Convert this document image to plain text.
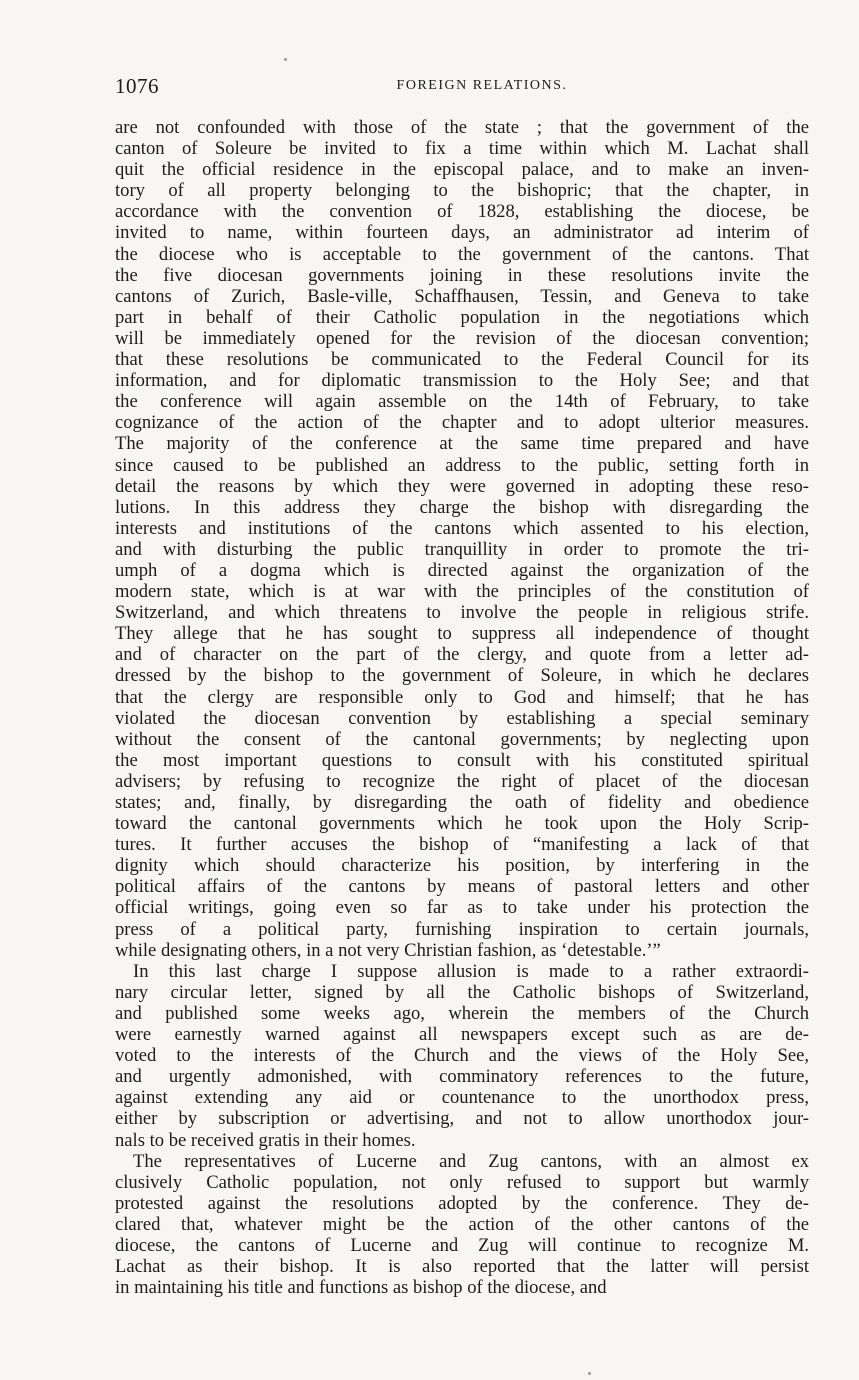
1076	FOREIGN RELATIONS.
are not confounded with those of the state ; that the government of the
canton of Soleure be invited to fix a time within which M. Lachat shall
quit the official residence in the episcopal palace, and to make an inven-
tory of all property belonging to the bishopric; that the chapter, in
accordance with the convention of 1828, establishing the diocese, be
invited to name, within fourteen days, an administrator ad interim of
the diocese who is acceptable to the government of the cantons. That
the five diocesan governments joining in these resolutions invite the
cantons of Zurich, Basle-ville, Schaffhausen, Tessin, and Geneva to take
part in behalf of their Catholic population in the negotiations which
will be immediately opened for the revision of the diocesan convention;
that these resolutions be communicated to the Federal Council for its
information, and for diplomatic transmission to the Holy See; and that
the conference will again assemble on the 14th of February, to take
cognizance of the action of the chapter and to adopt ulterior measures.
The majority of the conference at the same time prepared and have
since caused to be published an address to the public, setting forth in
detail the reasons by which they were governed in adopting these reso-
lutions. In this address they charge the bishop with disregarding the
interests and institutions of the cantons which assented to his election,
and with disturbing the public tranquillity in order to promote the tri-
umph of a dogma which is directed against the organization of the
modern state, which is at war with the principles of the constitution of
Switzerland, and which threatens to involve the people in religious strife.
They allege that he has sought to suppress all independence of thought
and of character on the part of the clergy, and quote from a letter ad-
dressed by the bishop to the government of Soleure, in which he declares
that the clergy are responsible only to God and himself; that he has
violated the diocesan convention by establishing a special seminary
without the consent of the cantonal governments; by neglecting upon
the most important questions to consult with his constituted spiritual
advisers; by refusing to recognize the right of placet of the diocesan
states; and, finally, by disregarding the oath of fidelity and obedience
toward the cantonal governments which he took upon the Holy Scrip-
tures. It further accuses the bishop of “manifesting a lack of that
dignity which should characterize his position, by interfering in the
political affairs of the cantons by means of pastoral letters and other
official writings, going even so far as to take under his protection the
press of a political party, furnishing inspiration to certain journals,
while designating others, in a not very Christian fashion, as ‘detestable.’”
In this last charge I suppose allusion is made to a rather extraordi-
nary circular letter, signed by all the Catholic bishops of Switzerland,
and published some weeks ago, wherein the members of the Church
were earnestly warned against all newspapers except such as are de-
voted to the interests of the Church and the views of the Holy See,
and urgently admonished, with comminatory references to the future,
against extending any aid or countenance to the unorthodox press,
either by subscription or advertising, and not to allow unorthodox jour-
nals to be received gratis in their homes.
The representatives of Lucerne and Zug cantons, with an almost ex
clusively Catholic population, not only refused to support but warmly
protested against the resolutions adopted by the conference. They de-
clared that, whatever might be the action of the other cantons of the
diocese, the cantons of Lucerne and Zug will continue to recognize M.
Lachat as their bishop. It is also reported that the latter will persist
in maintaining his title and functions as bishop of the diocese, and
